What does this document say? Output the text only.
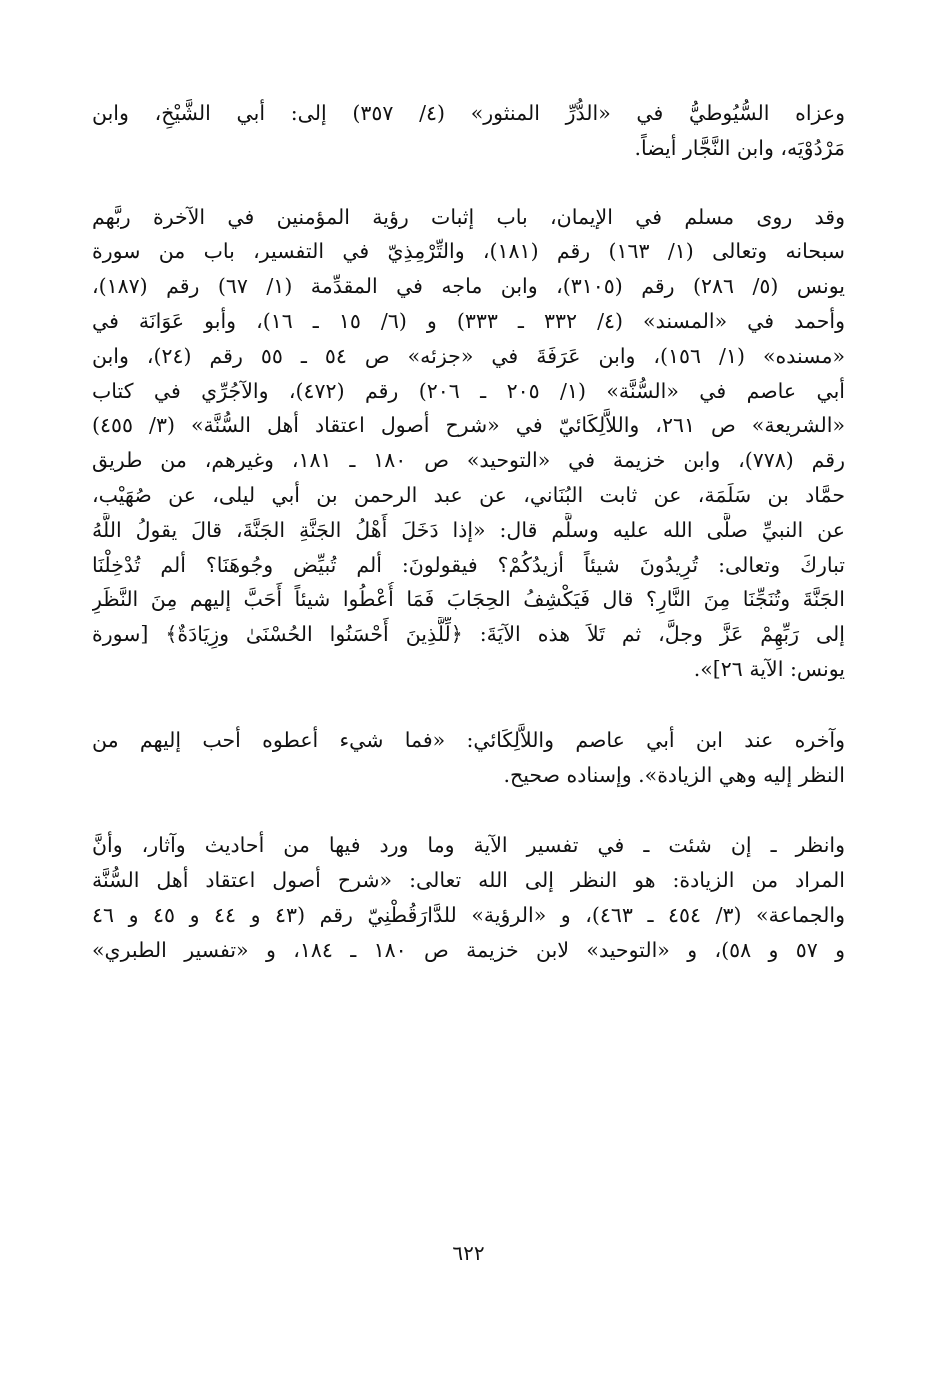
وعزاه السُّيُوطيُّ في «الدُّرِّ المنثور» (٤/ ٣٥٧) إلى: أبي الشَّيْخِ، وابن
مَرْدُوْيَه، وابن النَّجَّار أيضاً.

وقد روى مسلم في الإيمان، باب إثبات رؤية المؤمنين في الآخرة ربَّهم
سبحانه وتعالى (١/ ١٦٣) رقم (١٨١)، والتِّرْمِذِيّ في التفسير، باب من سورة
يونس (٥/ ٢٨٦) رقم (٣١٠٥)، وابن ماجه في المقدِّمة (١/ ٦٧) رقم (١٨٧)،
وأحمد في «المسند» (٤/ ٣٣٢ ـ ٣٣٣) و (٦/ ١٥ ـ ١٦)، وأبو عَوَانَة في
«مسنده» (١/ ١٥٦)، وابن عَرَفَةَ في «جزئه» ص ٥٤ ـ ٥٥ رقم (٢٤)، وابن
أبي عاصم في «السُّنَّة» (١/ ٢٠٥ ـ ٢٠٦) رقم (٤٧٢)، والآجُرِّي في كتاب
«الشريعة» ص ٢٦١، واللاَّلِكَائيّ في «شرح أصول اعتقاد أهل السُّنَّة» (٣/ ٤٥٥)
رقم (٧٧٨)، وابن خزيمة في «التوحيد» ص ١٨٠ ـ ١٨١، وغيرهم، من طريق
حمَّاد بن سَلَمَة، عن ثابت البُنَاني، عن عبد الرحمن بن أبي ليلى، عن صُهَيْب،
عن النبيِّ صلَّى الله عليه وسلَّم قال: «إذا دَخَلَ أَهْلُ الجَنَّةِ الجَنَّةَ، قالَ يقولُ اللَّهُ
تباركَ وتعالى: تُرِيدُونَ شيئاً أزيدُكُمْ؟ فيقولونَ: ألم تُبيِّض وجُوهَنَا؟ ألم تُدْخِلْنَا
الجَنَّةَ وتُنَجِّنَا مِنَ النَّارِ؟ قال فَيَكْشِفُ الحِجَابَ فَمَا أُعْطُوا شيئاً أَحَبَّ إليهم مِنَ النَّظَرِ
إلى رَبِّهِمْ عَزَّ وجلَّ، ثم تَلاَ هذه الآيَةَ: ﴿لِّلَّذِينَ أَحْسَنُوا الحُسْنَىٰ وزِيَادَةٌ﴾ [سورة
يونس: الآية ٢٦]».

وآخره عند ابن أبي عاصم واللاَّلِكَائي: «فما شيء أعطوه أحب إليهم من
النظر إليه وهي الزيادة». وإسناده صحيح.

وانظر ـ إن شئت ـ في تفسير الآية وما ورد فيها من أحاديث وآثار، وأنَّ
المراد من الزيادة: هو النظر إلى الله تعالى: «شرح أصول اعتقاد أهل السُّنَّة
والجماعة» (٣/ ٤٥٤ ـ ٤٦٣)، و «الرؤية» للدَّارَقُطْنِيّ رقم (٤٣ و ٤٤ و ٤٥ و ٤٦
و ٥٧ و ٥٨)، و «التوحيد» لابن خزيمة ص ١٨٠ ـ ١٨٤، و «تفسير الطبري»

٦٢٢
